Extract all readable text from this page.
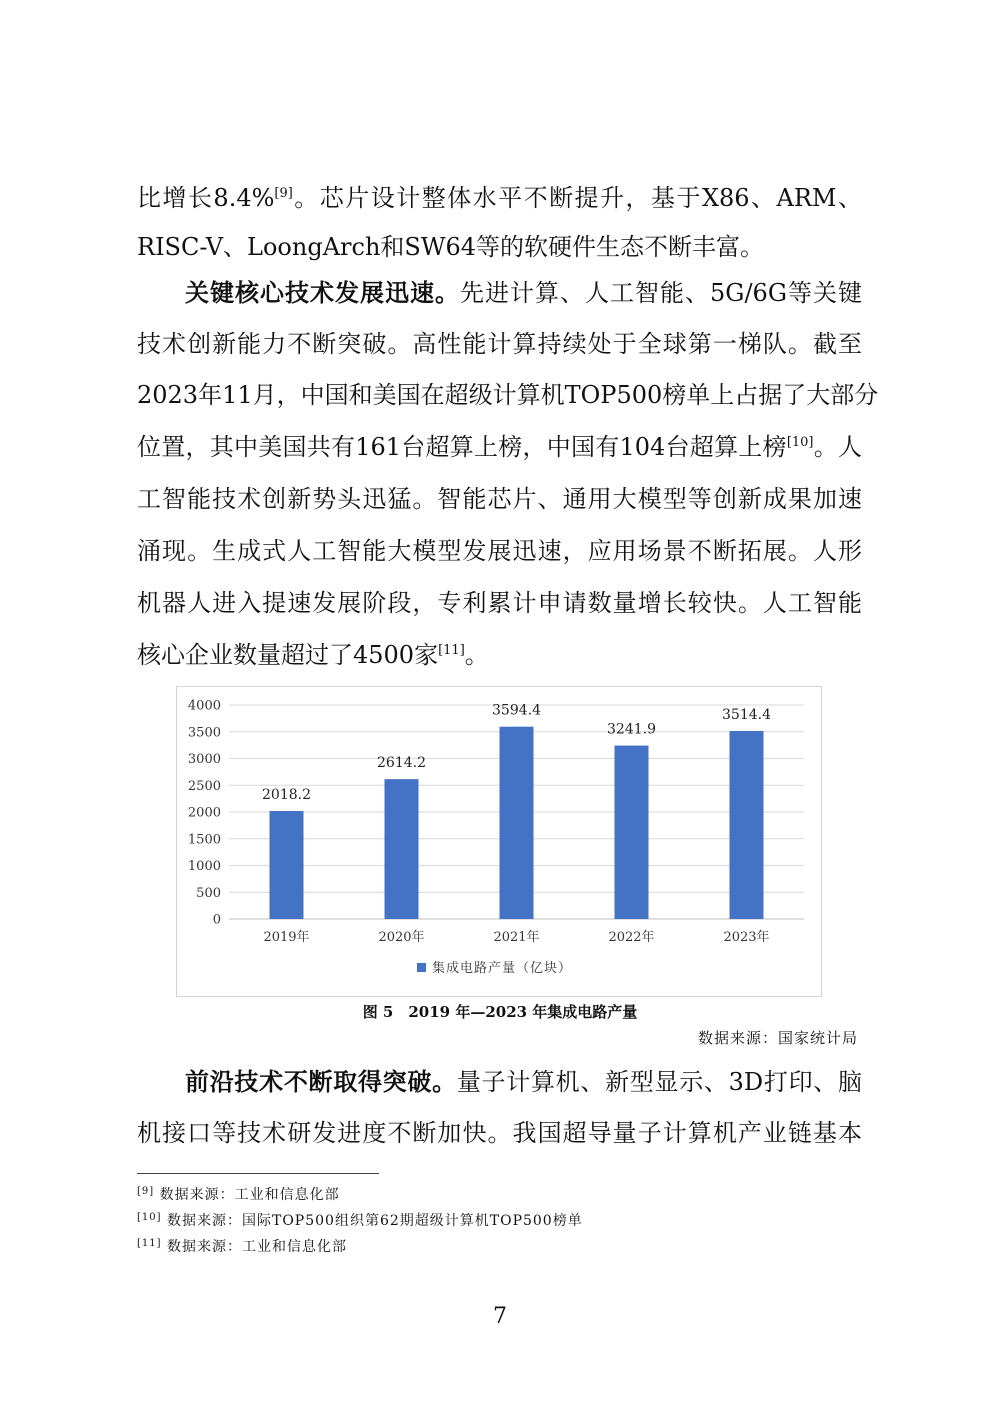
比增长8.4%[9]。芯片设计整体水平不断提升，基于X86、ARM、
RISC-V、LoongArch和SW64等的软硬件生态不断丰富。
关键核心技术发展迅速。先进计算、人工智能、5G/6G等关键
技术创新能力不断突破。高性能计算持续处于全球第一梯队。截至
2023年11月，中国和美国在超级计算机TOP500榜单上占据了大部分
位置，其中美国共有161台超算上榜，中国有104台超算上榜[10]。人
工智能技术创新势头迅猛。智能芯片、通用大模型等创新成果加速
涌现。生成式人工智能大模型发展迅速，应用场景不断拓展。人形
机器人进入提速发展阶段，专利累计申请数量增长较快。人工智能
核心企业数量超过了4500家[11]。
0
500
1000
1500
2000
2500
3000
3500
4000
2018.2
2019年
2614.2
2020年
3594.4
2021年
3241.9
2022年
3514.4
2023年
集成电路产量（亿块）
图 5　2019 年—2023 年集成电路产量
数据来源：国家统计局
前沿技术不断取得突破。量子计算机、新型显示、3D打印、脑
机接口等技术研发进度不断加快。我国超导量子计算机产业链基本
[9] 数据来源：工业和信息化部
[10] 数据来源：国际TOP500组织第62期超级计算机TOP500榜单
[11] 数据来源：工业和信息化部
7
